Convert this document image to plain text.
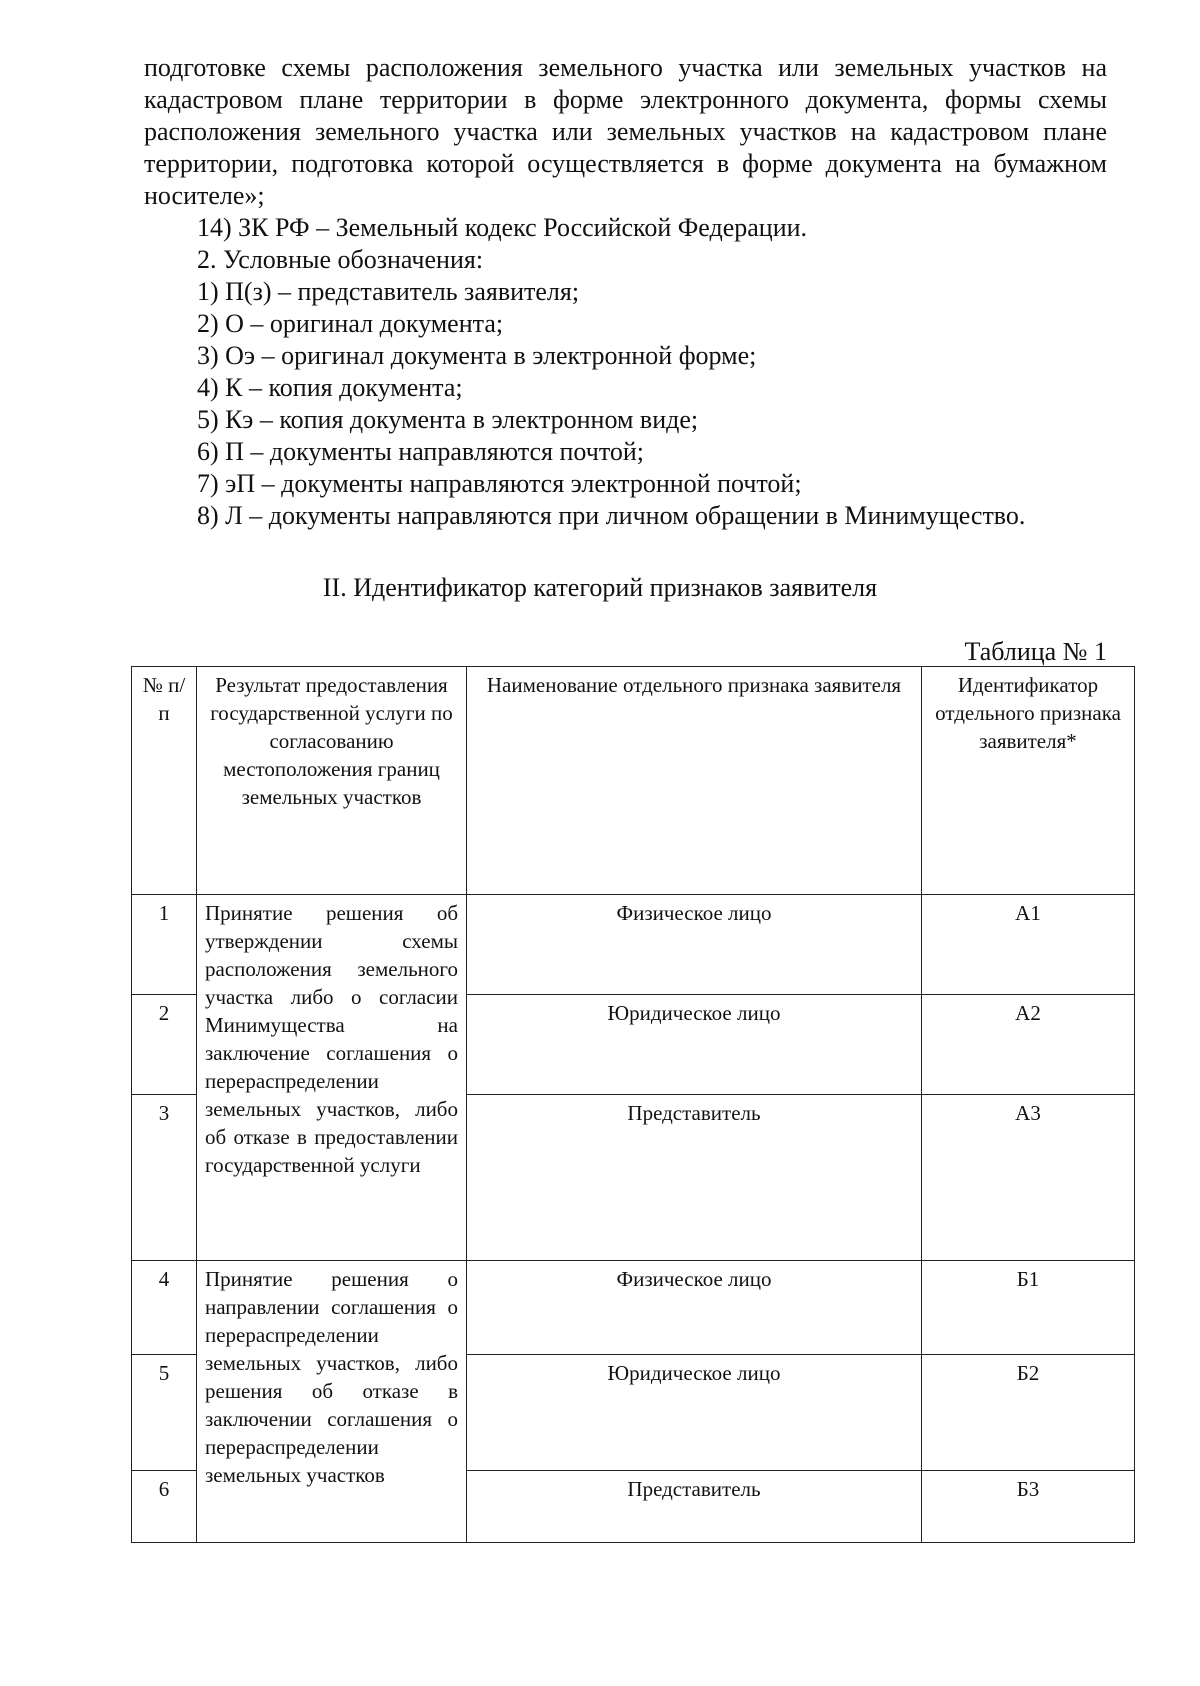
подготовке схемы расположения земельного участка или земельных участков на кадастровом плане территории в форме электронного документа, формы схемы расположения земельного участка или земельных участков на кадастровом плане территории, подготовка которой осуществляется в форме документа на бумажном носителе»;

14) ЗК РФ – Земельный кодекс Российской Федерации.

2. Условные обозначения:

1) П(з) – представитель заявителя;

2) О – оригинал документа;

3) Оэ – оригинал документа в электронной форме;

4) К – копия документа;

5) Кэ – копия документа в электронном виде;

6) П – документы направляются почтой;

7) эП – документы направляются электронной почтой;

8) Л – документы направляются при личном обращении в Минимущество.

II. Идентификатор категорий признаков заявителя

Таблица № 1

№ п/п	Результат предоставления государственной услуги по согласованию местоположения границ земельных участков	Наименование отдельного признака заявителя	Идентификатор отдельного признака заявителя*
1	Принятие решения об утверждении схемы расположения земельного участка либо о согласии Минимущества на заключение соглашения о перераспределении земельных участков, либо об отказе в предоставлении государственной услуги	Физическое лицо	А1
2		Юридическое лицо	А2
3		Представитель	А3
4	Принятие решения о направлении соглашения о перераспределении земельных участков, либо решения об отказе в заключении соглашения о перераспределении земельных участков	Физическое лицо	Б1
5		Юридическое лицо	Б2
6		Представитель	Б3
